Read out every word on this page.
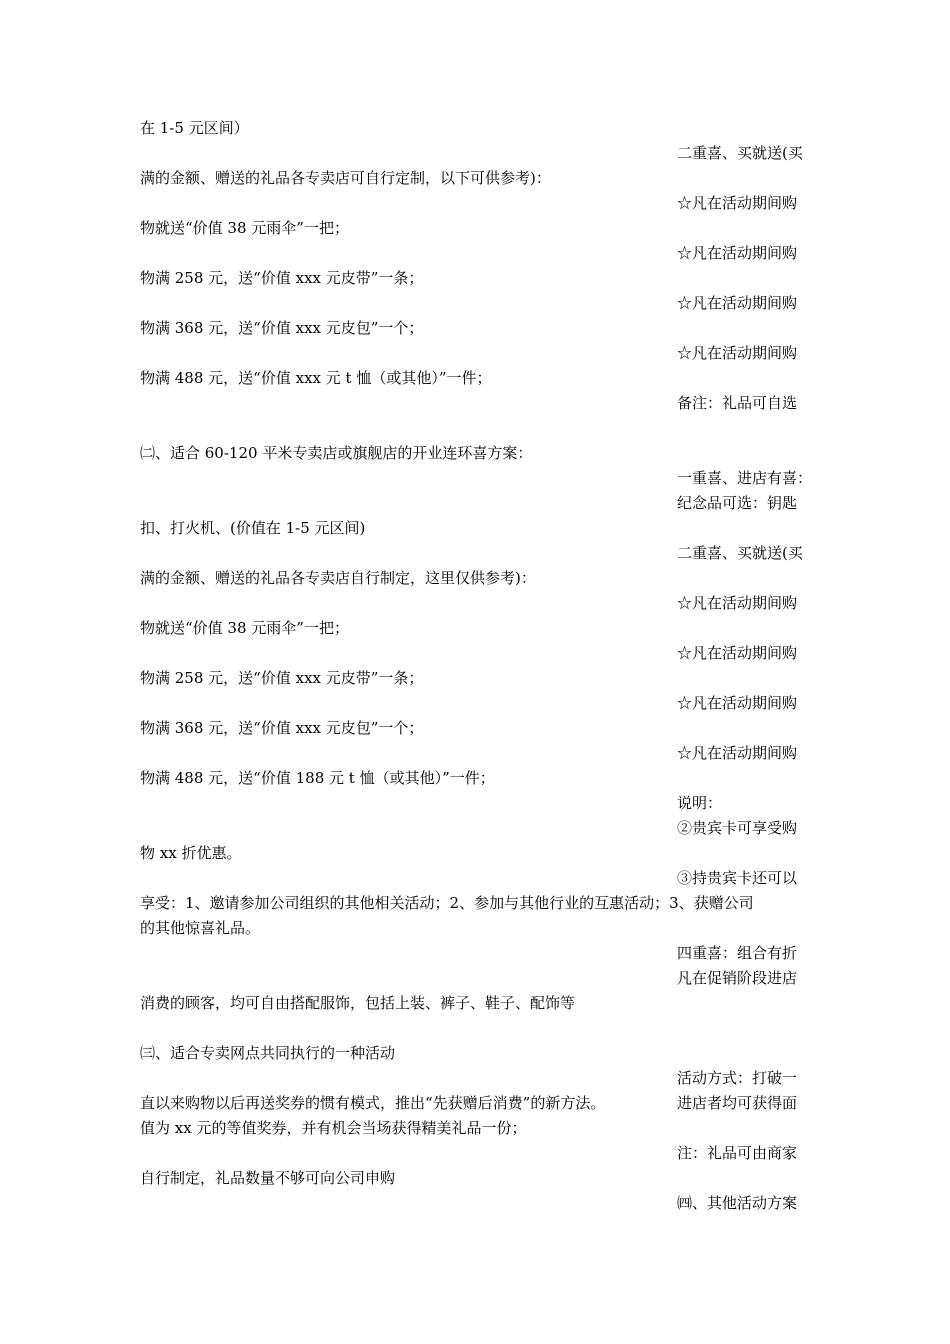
在 1-5 元区间）
二重喜、买就送(买
满的金额、赠送的礼品各专卖店可自行定制，以下可供参考)：
☆凡在活动期间购
物就送“价值 38 元雨伞”一把；
☆凡在活动期间购
物满 258 元，送“价值 xxx 元皮带”一条；
☆凡在活动期间购
物满 368 元，送“价值 xxx 元皮包”一个；
☆凡在活动期间购
物满 488 元，送“价值 xxx 元 t 恤（或其他）”一件；
备注：礼品可自选
㈡、适合 60-120 平米专卖店或旗舰店的开业连环喜方案：
一重喜、进店有喜：
纪念品可选：钥匙
扣、打火机、(价值在 1-5 元区间)
二重喜、买就送(买
满的金额、赠送的礼品各专卖店自行制定，这里仅供参考)：
☆凡在活动期间购
物就送“价值 38 元雨伞”一把；
☆凡在活动期间购
物满 258 元，送“价值 xxx 元皮带”一条；
☆凡在活动期间购
物满 368 元，送“价值 xxx 元皮包”一个；
☆凡在活动期间购
物满 488 元，送“价值 188 元 t 恤（或其他）”一件；
说明：
②贵宾卡可享受购
物 xx 折优惠。
③持贵宾卡还可以
享受：1、邀请参加公司组织的其他相关活动；2、参加与其他行业的互惠活动；3、获赠公司
的其他惊喜礼品。
四重喜：组合有折
凡在促销阶段进店
消费的顾客，均可自由搭配服饰，包括上装、裤子、鞋子、配饰等
㈢、适合专卖网点共同执行的一种活动
活动方式：打破一
直以来购物以后再送奖券的惯有模式，推出“先获赠后消费”的新方法。	进店者均可获得面
值为 xx 元的等值奖券，并有机会当场获得精美礼品一份；
注：礼品可由商家
自行制定，礼品数量不够可向公司申购
㈣、其他活动方案
